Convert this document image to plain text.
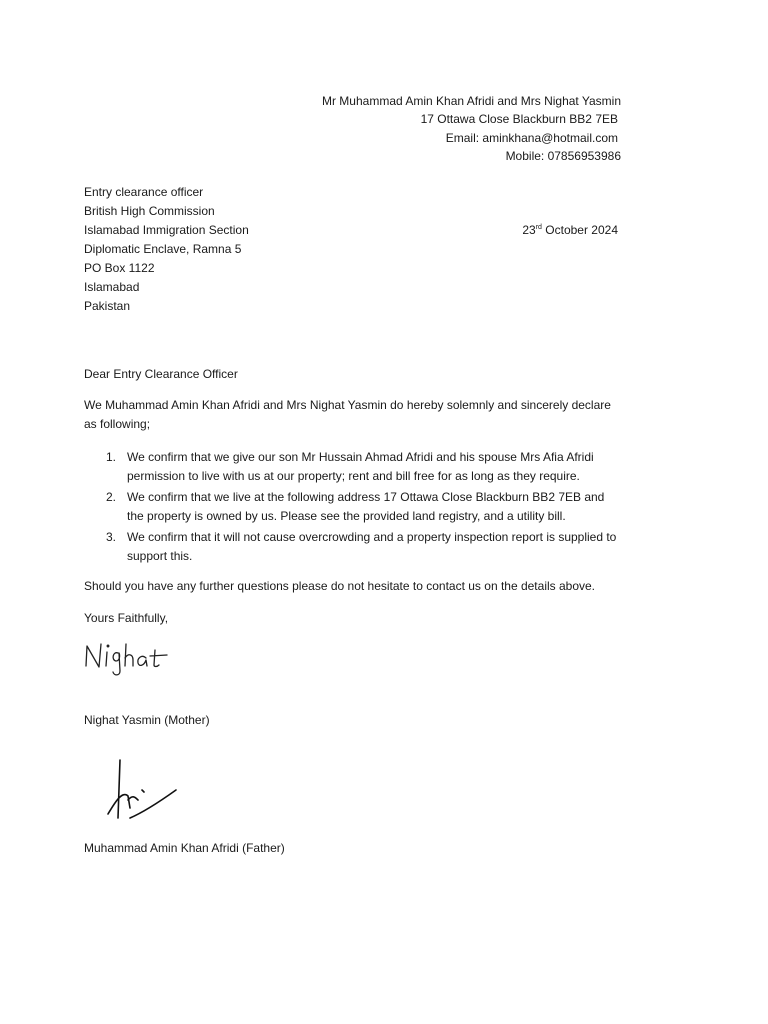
Mr Muhammad Amin Khan Afridi and Mrs Nighat Yasmin
17 Ottawa Close Blackburn BB2 7EB
Email: aminkhana@hotmail.com
Mobile: 07856953986
Entry clearance officer
British High Commission
Islamabad Immigration Section
Diplomatic Enclave, Ramna 5
PO Box 1122
Islamabad
Pakistan
23rd October 2024
Dear Entry Clearance Officer
We Muhammad Amin Khan Afridi and Mrs Nighat Yasmin do hereby solemnly and sincerely declare as following;
1. We confirm that we give our son Mr Hussain Ahmad Afridi and his spouse Mrs Afia Afridi permission to live with us at our property; rent and bill free for as long as they require.
2. We confirm that we live at the following address 17 Ottawa Close Blackburn BB2 7EB and the property is owned by us. Please see the provided land registry, and a utility bill.
3. We confirm that it will not cause overcrowding and a property inspection report is supplied to support this.
Should you have any further questions please do not hesitate to contact us on the details above.
Yours Faithfully,
Nighat Yasmin (Mother)
Muhammad Amin Khan Afridi (Father)
